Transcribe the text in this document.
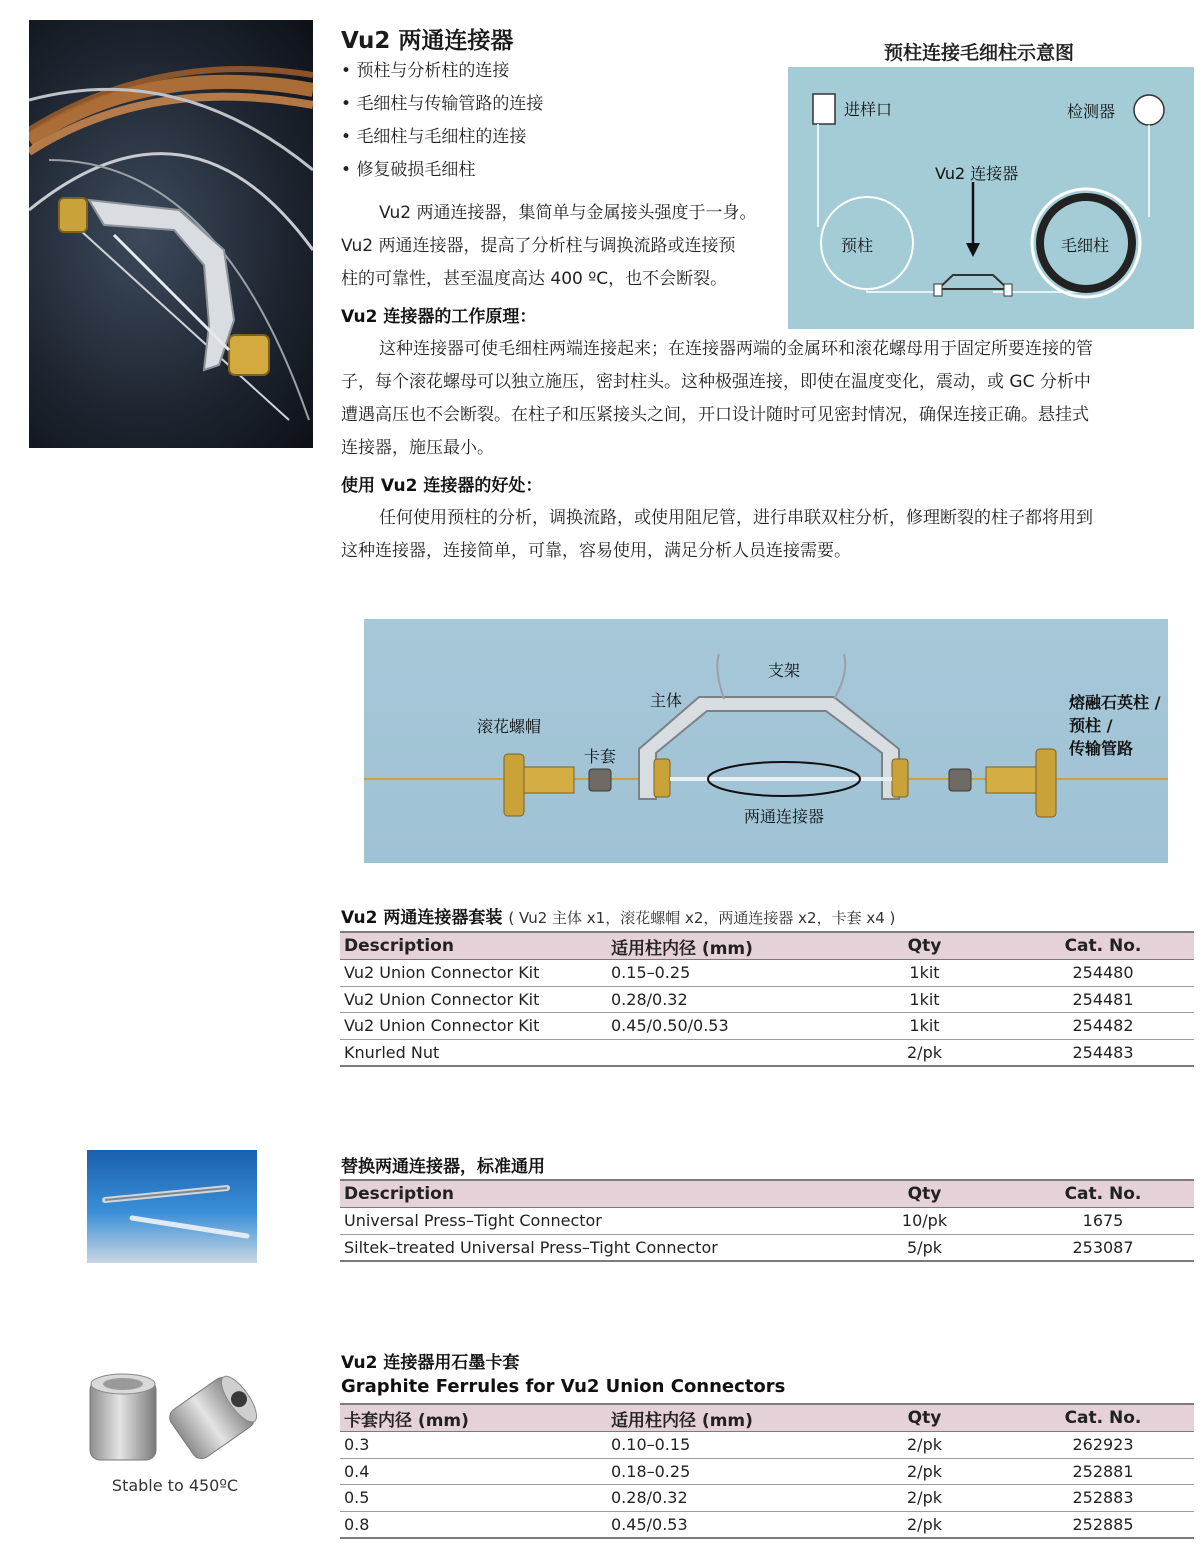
Vu2 两通连接器
• 预柱与分析柱的连接
• 毛细柱与传输管路的连接
• 毛细柱与毛细柱的连接
• 修复破损毛细柱
Vu2 两通连接器，集简单与金属接头强度于一身。
Vu2 两通连接器，提高了分析柱与调换流路或连接预
柱的可靠性，甚至温度高达 400 ºC，也不会断裂。
预柱连接毛细柱示意图
进样口	检测器
Vu2 连接器
预柱	毛细柱
Vu2 连接器的工作原理：
这种连接器可使毛细柱两端连接起来；在连接器两端的金属环和滚花螺母用于固定所要连接的管
子，每个滚花螺母可以独立施压，密封柱头。这种极强连接，即使在温度变化，震动，或 GC 分析中
遭遇高压也不会断裂。在柱子和压紧接头之间，开口设计随时可见密封情况，确保连接正确。悬挂式
连接器，施压最小。
使用 Vu2 连接器的好处：
任何使用预柱的分析，调换流路，或使用阻尼管，进行串联双柱分析，修理断裂的柱子都将用到
这种连接器，连接简单，可靠，容易使用，满足分析人员连接需要。
支架
主体
滚花螺帽
卡套
两通连接器
熔融石英柱 /
预柱 /
传输管路
Vu2 两通连接器套装 ( Vu2 主体 x1，滚花螺帽 x2，两通连接器 x2，卡套 x4 )
Description	适用柱内径 (mm)	Qty	Cat. No.
Vu2 Union Connector Kit	0.15–0.25	1kit	254480
Vu2 Union Connector Kit	0.28/0.32	1kit	254481
Vu2 Union Connector Kit	0.45/0.50/0.53	1kit	254482
Knurled Nut		2/pk	254483
替换两通连接器，标准通用
Description	Qty	Cat. No.
Universal Press–Tight Connector	10/pk	1675
Siltek–treated Universal Press–Tight Connector	5/pk	253087
Stable to 450ºC
Vu2 连接器用石墨卡套
Graphite Ferrules for Vu2 Union Connectors
卡套内径 (mm)	适用柱内径 (mm)	Qty	Cat. No.
0.3	0.10–0.15	2/pk	262923
0.4	0.18–0.25	2/pk	252881
0.5	0.28/0.32	2/pk	252883
0.8	0.45/0.53	2/pk	252885
